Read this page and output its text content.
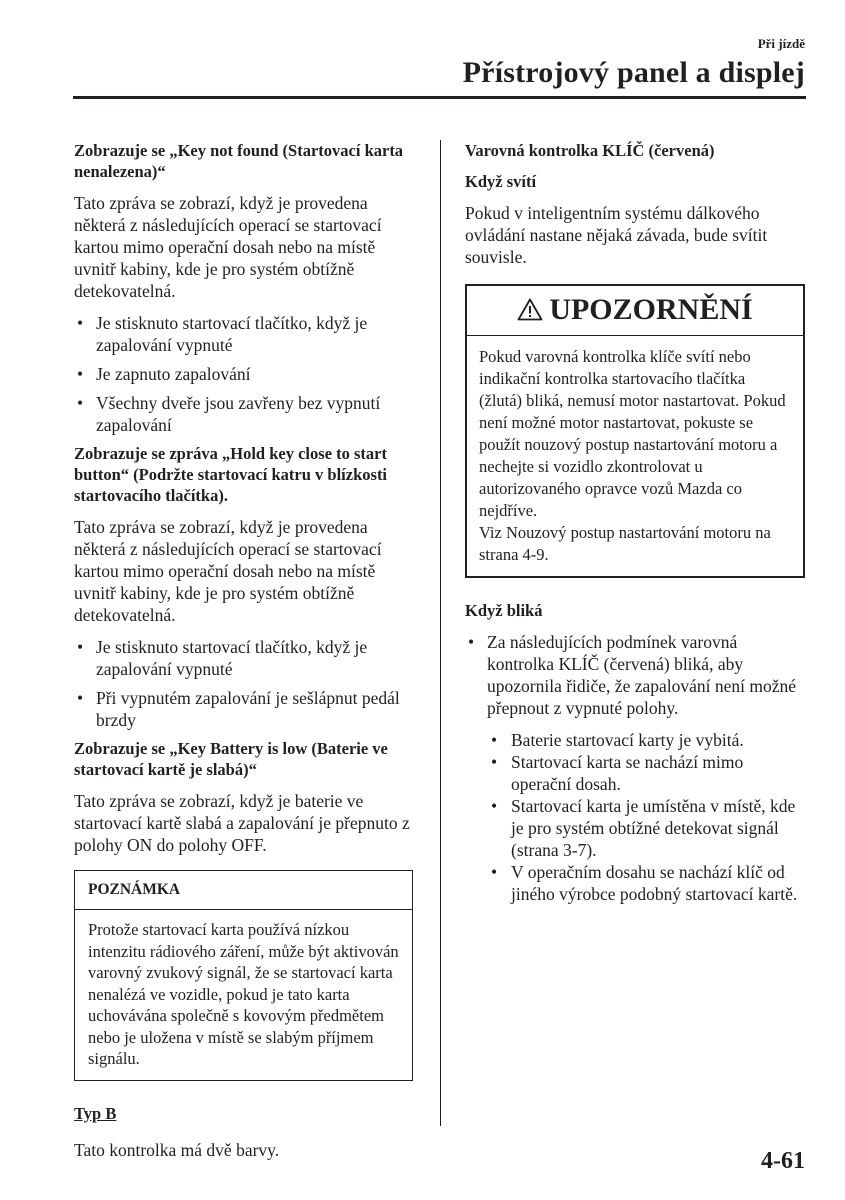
Při jízdě
Přístrojový panel a displej
Zobrazuje se „Key not found (Startovací karta nenalezena)“
Tato zpráva se zobrazí, když je provedena některá z následujících operací se startovací kartou mimo operační dosah nebo na místě uvnitř kabiny, kde je pro systém obtížně detekovatelná.
• Je stisknuto startovací tlačítko, když je zapalování vypnuté
• Je zapnuto zapalování
• Všechny dveře jsou zavřeny bez vypnutí zapalování
Zobrazuje se zpráva „Hold key close to start button“ (Podržte startovací katru v blízkosti startovacího tlačítka).
Tato zpráva se zobrazí, když je provedena některá z následujících operací se startovací kartou mimo operační dosah nebo na místě uvnitř kabiny, kde je pro systém obtížně detekovatelná.
• Je stisknuto startovací tlačítko, když je zapalování vypnuté
• Při vypnutém zapalování je sešlápnut pedál brzdy
Zobrazuje se „Key Battery is low (Baterie ve startovací kartě je slabá)“
Tato zpráva se zobrazí, když je baterie ve startovací kartě slabá a zapalování je přepnuto z polohy ON do polohy OFF.
POZNÁMKA
Protože startovací karta používá nízkou intenzitu rádiového záření, může být aktivován varovný zvukový signál, že se startovací karta nenalézá ve vozidle, pokud je tato karta uchovávána společně s kovovým předmětem nebo je uložena v místě se slabým příjmem signálu.
Typ B
Tato kontrolka má dvě barvy.
Varovná kontrolka KLÍČ (červená)
Když svítí
Pokud v inteligentním systému dálkového ovládání nastane nějaká závada, bude svítit souvisle.
UPOZORNĚNÍ
Pokud varovná kontrolka klíče svítí nebo indikační kontrolka startovacího tlačítka (žlutá) bliká, nemusí motor nastartovat. Pokud není možné motor nastartovat, pokuste se použít nouzový postup nastartování motoru a nechejte si vozidlo zkontrolovat u autorizovaného opravce vozů Mazda co nejdříve.
Viz Nouzový postup nastartování motoru na strana 4-9.
Když bliká
• Za následujících podmínek varovná kontrolka KLÍČ (červená) bliká, aby upozornila řidiče, že zapalování není možné přepnout z vypnuté polohy.
• Baterie startovací karty je vybitá.
• Startovací karta se nachází mimo operační dosah.
• Startovací karta je umístěna v místě, kde je pro systém obtížné detekovat signál (strana 3-7).
• V operačním dosahu se nachází klíč od jiného výrobce podobný startovací kartě.
4-61
